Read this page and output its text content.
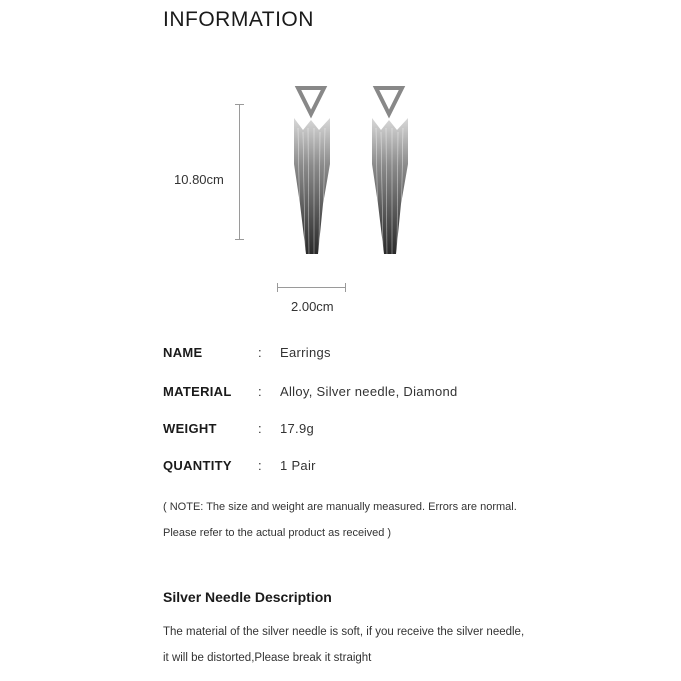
INFORMATION
10.80cm
2.00cm
NAME	: Earrings
MATERIAL : Alloy, Silver needle, Diamond
WEIGHT	: 17.9g
QUANTITY : 1 Pair
( NOTE: The size and weight are manually measured. Errors are normal.
Please refer to the actual product as received )
Silver Needle Description
The material of the silver needle is soft, if you receive the silver needle,
it will be distorted,Please break it straight
